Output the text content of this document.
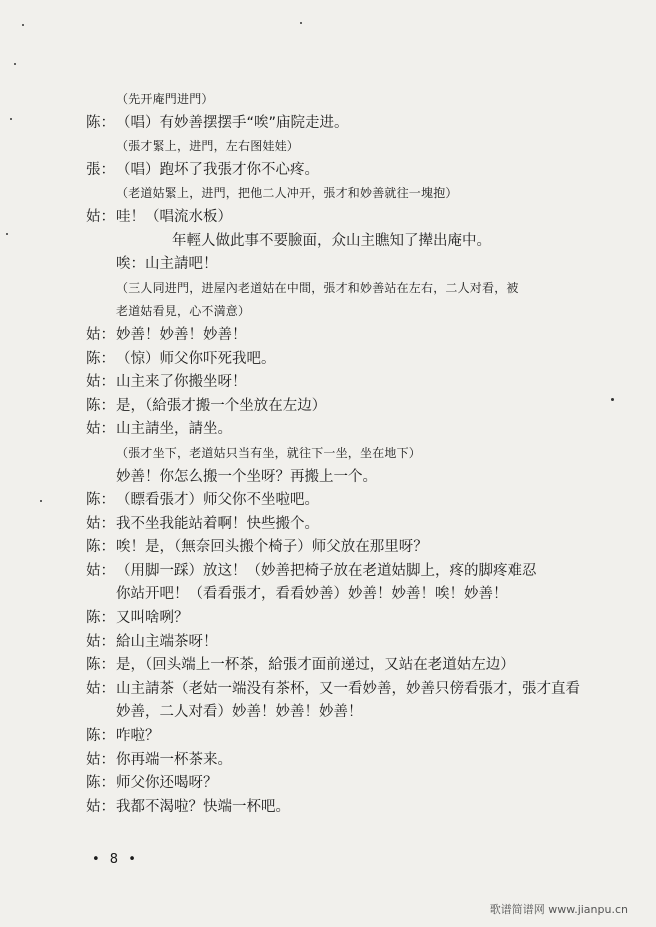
（先开庵門进門）
陈：（唱）有妙善摆摆手“唉”庙院走进。
（張才緊上，进門，左右图娃娃）
張：（唱）跑坏了我張才你不心疼。
（老道姑緊上，进門，把他二人冲开，張才和妙善就往一塊抱）
姑：哇！（唱流水板）
年輕人做此事不要臉面，众山主瞧知了撵出庵中。
唉：山主請吧！
（三人同进門，进屋內老道姑在中間，張才和妙善站在左右，二人对看，被
老道姑看見，心不満意）
姑：妙善！妙善！妙善！
陈：（惊）师父你吓死我吧。
姑：山主来了你搬坐呀！
陈：是，（給張才搬一个坐放在左边）
姑：山主請坐，請坐。
（張才坐下，老道姑只当有坐，就往下一坐，坐在地下）
妙善！你怎么搬一个坐呀？再搬上一个。
陈：（瞟看張才）师父你不坐啦吧。
姑：我不坐我能站着啊！快些搬个。
陈：唉！是，（無奈回头搬个椅子）师父放在那里呀？
姑：（用脚一踩）放这！（妙善把椅子放在老道姑脚上，疼的脚疼难忍
你站开吧！（看看張才，看看妙善）妙善！妙善！唉！妙善！
陈：又叫啥咧？
姑：給山主端茶呀！
陈：是，（回头端上一杯茶，給張才面前递过，又站在老道姑左边）
姑：山主請茶（老姑一端没有茶杯，又一看妙善，妙善只傍看張才，張才直看
妙善，二人对看）妙善！妙善！妙善！
陈：咋啦？
姑：你再端一杯茶来。
陈：师父你还喝呀？
姑：我都不渴啦？快端一杯吧。
• 8 •
歌谱简谱网 www.jianpu.cn
